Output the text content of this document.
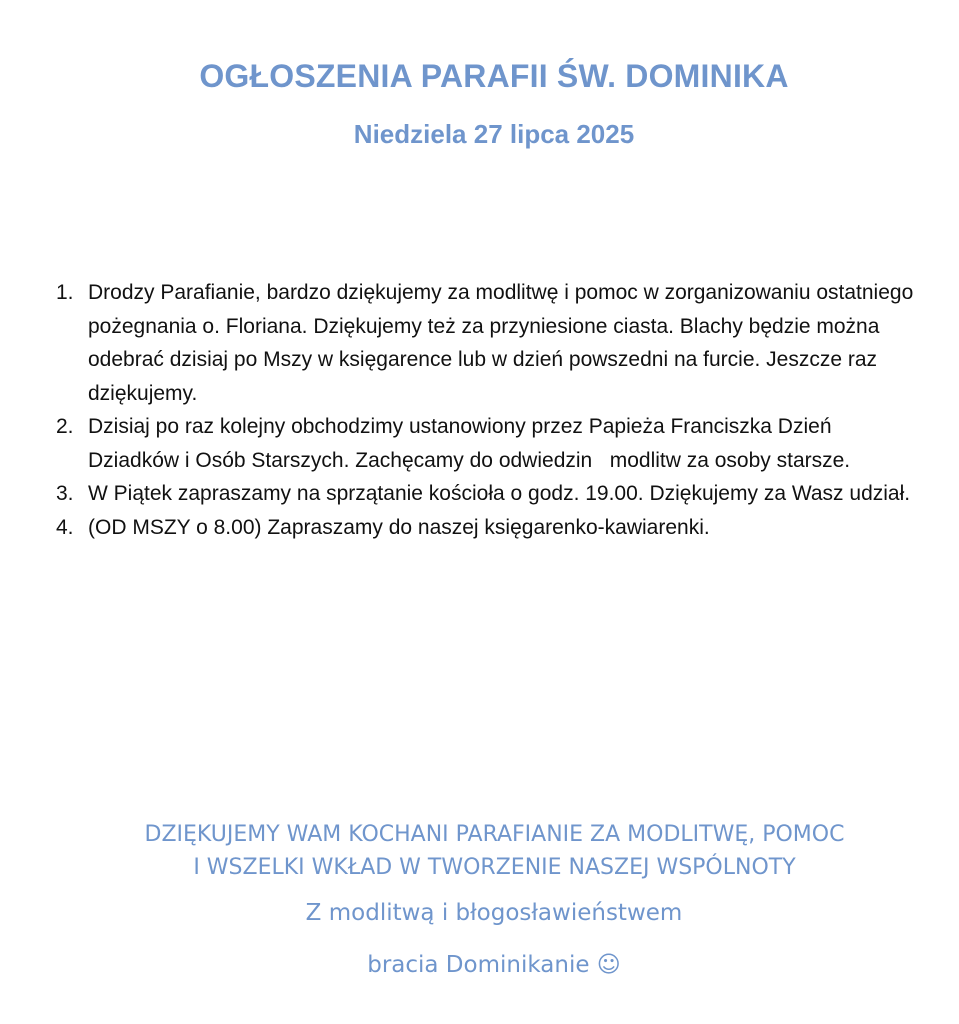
OGŁOSZENIA PARAFII ŚW. DOMINIKA
Niedziela 27 lipca 2025
1. Drodzy Parafianie, bardzo dziękujemy za modlitwę i pomoc w zorganizowaniu ostatniego pożegnania o. Floriana. Dziękujemy też za przyniesione ciasta. Blachy będzie można odebrać dzisiaj po Mszy w księgarence lub w dzień powszedni na furcie. Jeszcze raz dziękujemy.
2. Dzisiaj po raz kolejny obchodzimy ustanowiony przez Papieża Franciszka Dzień Dziadków i Osób Starszych. Zachęcamy do odwiedzin   modlitw za osoby starsze.
3. W Piątek zapraszamy na sprzątanie kościoła o godz. 19.00. Dziękujemy za Wasz udział.
4. (OD MSZY o 8.00) Zapraszamy do naszej księgarenko-kawiarenki.

DZIĘKUJEMY WAM KOCHANI PARAFIANIE ZA MODLITWĘ, POMOC
I WSZELKI WKŁAD W TWORZENIE NASZEJ WSPÓLNOTY

Z modlitwą i błogosławieństwem

bracia Dominikanie ☺
